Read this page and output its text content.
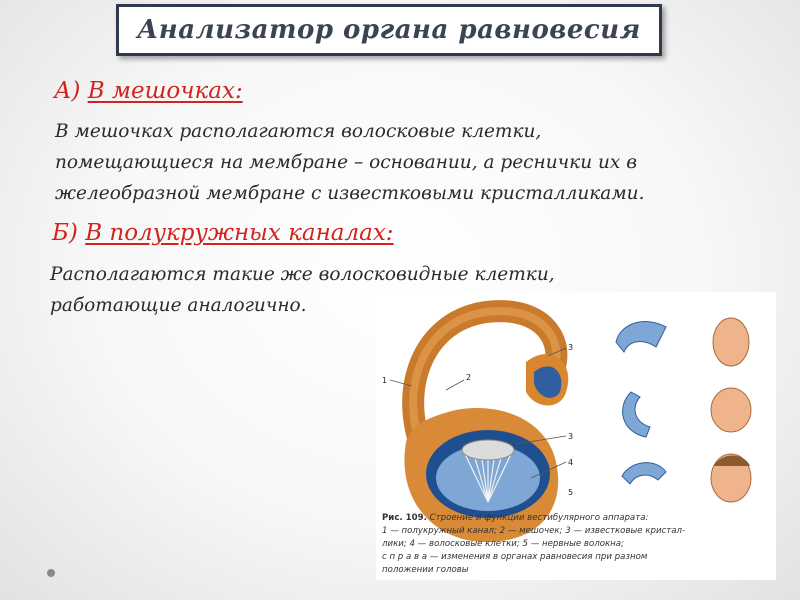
Анализатор органа равновесия
А) В мешочках:
В мешочках располагаются волосковые клетки,
помещающиеся на мембране – основании, а реснички их в
желеобразной мембране с известковыми кристалликами.
Б) В полукружных каналах:
Располагаются такие же волосковидные клетки,
работающие аналогично.
1	2
3
3
4
5
Рис. 109. Строение и функции вестибулярного аппарата:
1 — полукружный канал; 2 — мешочек; 3 — известковые кристал-
лики; 4 — волосковые клетки; 5 — нервные волокна;
с п р а в а — изменения в органах равновесия при разном
положении головы
